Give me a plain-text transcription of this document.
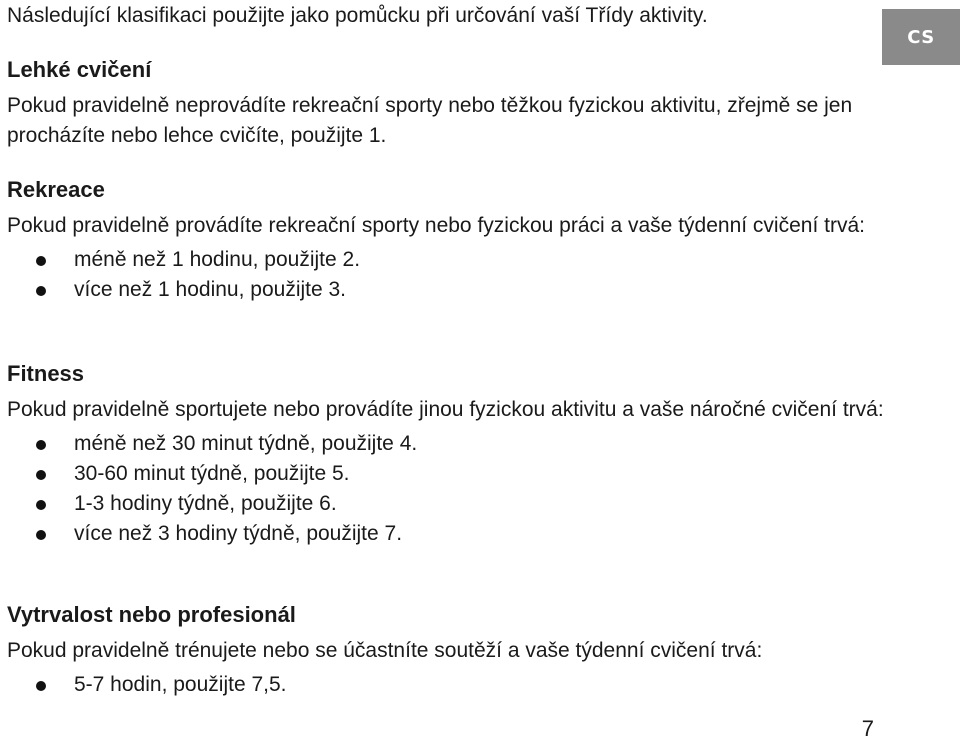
Následující klasifikaci použijte jako pomůcku při určování vaší Třídy aktivity.
Lehké cvičení

Pokud pravidelně neprovádíte rekreační sporty nebo těžkou fyzickou aktivitu, zřejmě se jen procházíte nebo lehce cvičíte, použijte 1.

Rekreace

Pokud pravidelně provádíte rekreační sporty nebo fyzickou práci a vaše týdenní cvičení trvá:

méně než 1 hodinu, použijte 2.
více než 1 hodinu, použijte 3.
Fitness

Pokud pravidelně sportujete nebo provádíte jinou fyzickou aktivitu a vaše náročné cvičení trvá:

méně než 30 minut týdně, použijte 4.
30-60 minut týdně, použijte 5.
1-3 hodiny týdně, použijte 6.
více než 3 hodiny týdně, použijte 7.
Vytrvalost nebo profesionál

Pokud pravidelně trénujete nebo se účastníte soutěží a vaše týdenní cvičení trvá:

5-7 hodin, použijte 7,5.
CS
7
